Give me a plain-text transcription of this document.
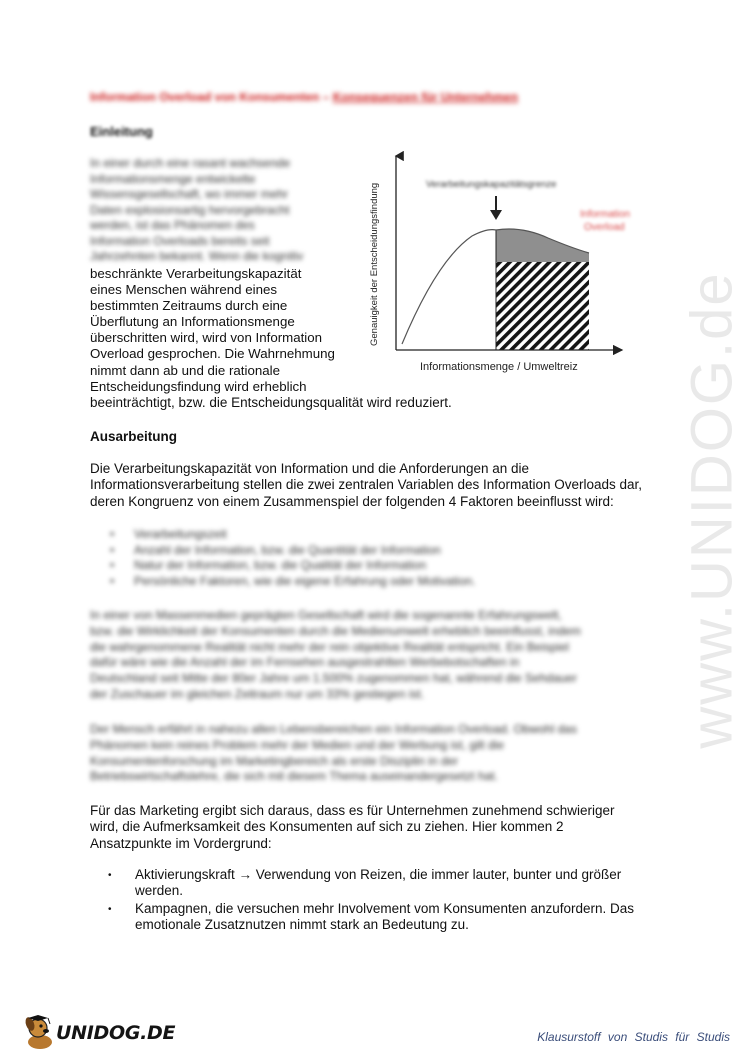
www.UNIDOG.de
Information Overload von Konsumenten – Konsequenzen für Unternehmen
Einleitung
In einer durch eine rasant wachsende
Informationsmenge entwickelte
Wissensgesellschaft, wo immer mehr
Daten explosionsartig hervorgebracht
werden, ist das Phänomen des
Information Overloads bereits seit
Jahrzehnten bekannt. Wenn die kognitiv
beschränkte Verarbeitungskapazität
eines Menschen während eines
bestimmten Zeitraums durch eine
Überflutung an Informationsmenge
überschritten wird, wird von Information
Overload gesprochen. Die Wahrnehmung
nimmt dann ab und die rationale
Entscheidungsfindung wird erheblich
beeinträchtigt, bzw. die Entscheidungsqualität wird reduziert.
Verarbeitungskapazitätsgrenze
Information
Overload
Genauigkeit der Entscheidungsfindung
Informationsmenge / Umweltreiz
Ausarbeitung
Die Verarbeitungskapazität von Information und die Anforderungen an die
Informationsverarbeitung stellen die zwei zentralen Variablen des Information Overloads dar,
deren Kongruenz von einem Zusammenspiel der folgenden 4 Faktoren beeinflusst wird:
• Verarbeitungszeit
• Anzahl der Information, bzw. die Quantität der Information
• Natur der Information, bzw. die Qualität der Information
• Persönliche Faktoren, wie die eigene Erfahrung oder Motivation.
In einer von Massenmedien geprägten Gesellschaft wird die sogenannte Erfahrungswelt,
bzw. die Wirklichkeit der Konsumenten durch die Medienumwelt erheblich beeinflusst, indem
die wahrgenommene Realität nicht mehr der rein objektive Realität entspricht. Ein Beispiel
dafür wäre wie die Anzahl der im Fernsehen ausgestrahlten Werbebotschaften in
Deutschland seit Mitte der 80er Jahre um 1.500% zugenommen hat, während die Sehdauer
der Zuschauer im gleichen Zeitraum nur um 33% gestiegen ist.
Der Mensch erfährt in nahezu allen Lebensbereichen ein Information Overload. Obwohl das
Phänomen kein reines Problem mehr der Medien und der Werbung ist, gilt die
Konsumentenforschung im Marketingbereich als erste Disziplin in der
Betriebswirtschaftslehre, die sich mit diesem Thema auseinandergesetzt hat.
Für das Marketing ergibt sich daraus, dass es für Unternehmen zunehmend schwieriger
wird, die Aufmerksamkeit des Konsumenten auf sich zu ziehen. Hier kommen 2
Ansatzpunkte im Vordergrund:
• Aktivierungskraft → Verwendung von Reizen, die immer lauter, bunter und größer
werden.
• Kampagnen, die versuchen mehr Involvement vom Konsumenten anzufordern. Das
emotionale Zusatznutzen nimmt stark an Bedeutung zu.
UNIDOG.DE	Klausurstoff von Studis für Studis
